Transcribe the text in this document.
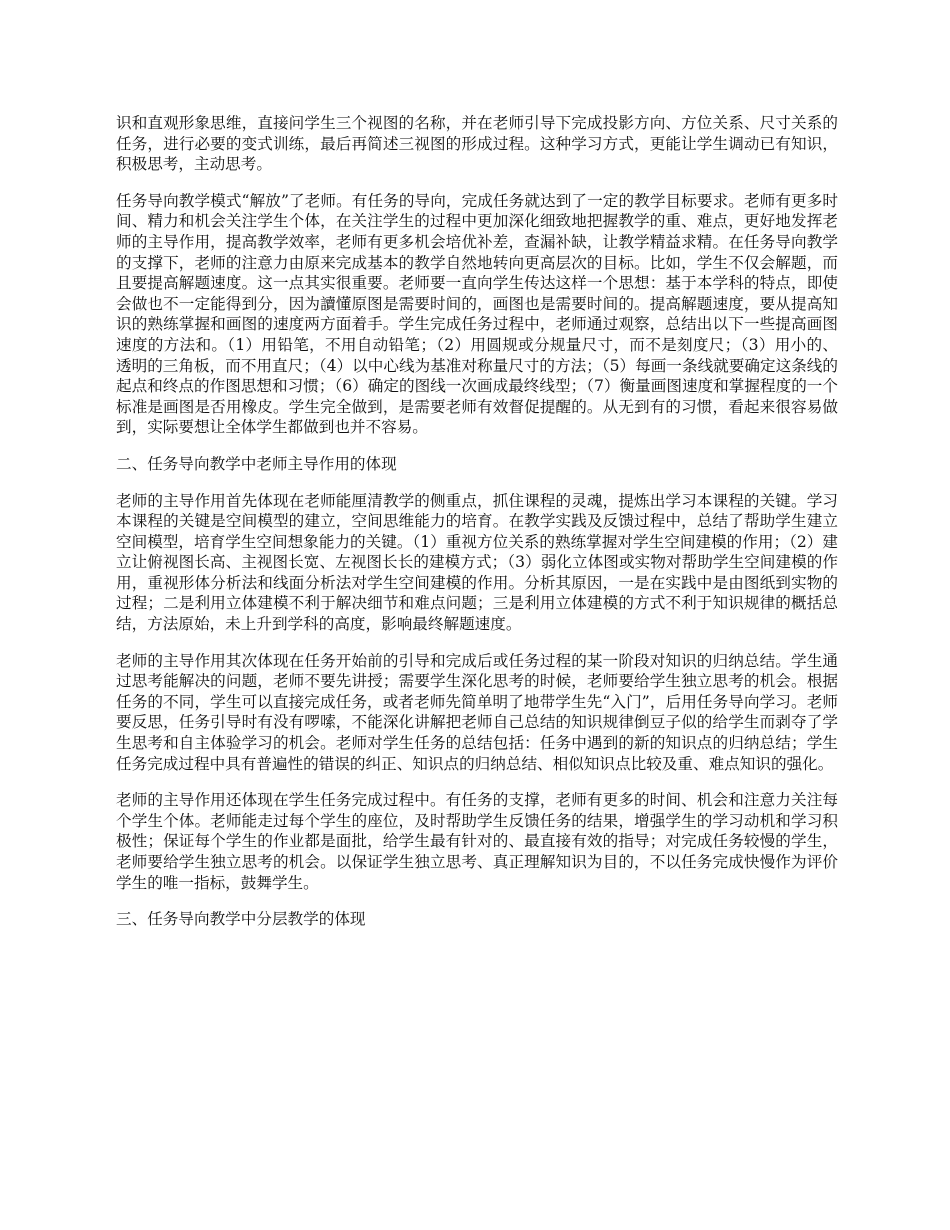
识和直观形象思维，直接问学生三个视图的名称，并在老师引导下完成投影方向、方位关系、尺寸关系的任务，进行必要的变式训练，最后再简述三视图的形成过程。这种学习方式，更能让学生调动已有知识，积极思考，主动思考。

任务导向教学模式“解放”了老师。有任务的导向，完成任务就达到了一定的教学目标要求。老师有更多时间、精力和机会关注学生个体，在关注学生的过程中更加深化细致地把握教学的重、难点，更好地发挥老师的主导作用，提高教学效率，老师有更多机会培优补差，查漏补缺，让教学精益求精。在任务导向教学的支撑下，老师的注意力由原来完成基本的教学自然地转向更高层次的目标。比如，学生不仅会解题，而且要提高解题速度。这一点其实很重要。老师要一直向学生传达这样一个思想：基于本学科的特点，即使会做也不一定能得到分，因为讀懂原图是需要时间的，画图也是需要时间的。提高解题速度，要从提高知识的熟练掌握和画图的速度两方面着手。学生完成任务过程中，老师通过观察，总结出以下一些提高画图速度的方法和。（1）用铅笔，不用自动铅笔；（2）用圆规或分规量尺寸，而不是刻度尺；（3）用小的、透明的三角板，而不用直尺；（4）以中心线为基准对称量尺寸的方法；（5）每画一条线就要确定这条线的起点和终点的作图思想和习惯；（6）确定的图线一次画成最终线型；（7）衡量画图速度和掌握程度的一个标准是画图是否用橡皮。学生完全做到，是需要老师有效督促提醒的。从无到有的习惯，看起来很容易做到，实际要想让全体学生都做到也并不容易。

二、任务导向教学中老师主导作用的体现

老师的主导作用首先体现在老师能厘清教学的侧重点，抓住课程的灵魂，提炼出学习本课程的关键。学习本课程的关键是空间模型的建立，空间思维能力的培育。在教学实践及反馈过程中，总结了帮助学生建立空间模型，培育学生空间想象能力的关键。（1）重视方位关系的熟练掌握对学生空间建模的作用；（2）建立让俯视图长高、主视图长宽、左视图长长的建模方式；（3）弱化立体图或实物对帮助学生空间建模的作用，重视形体分析法和线面分析法对学生空间建模的作用。分析其原因，一是在实践中是由图纸到实物的过程；二是利用立体建模不利于解决细节和难点问题；三是利用立体建模的方式不利于知识规律的概括总结，方法原始，未上升到学科的高度，影响最终解题速度。

老师的主导作用其次体现在任务开始前的引导和完成后或任务过程的某一阶段对知识的归纳总结。学生通过思考能解决的问题，老师不要先讲授；需要学生深化思考的时候，老师要给学生独立思考的机会。根据任务的不同，学生可以直接完成任务，或者老师先简单明了地带学生先“入门”，后用任务导向学习。老师要反思，任务引导时有没有啰嗦，不能深化讲解把老师自己总结的知识规律倒豆子似的给学生而剥夺了学生思考和自主体验学习的机会。老师对学生任务的总结包括：任务中遇到的新的知识点的归纳总结；学生任务完成过程中具有普遍性的错误的纠正、知识点的归纳总结、相似知识点比较及重、难点知识的强化。

老师的主导作用还体现在学生任务完成过程中。有任务的支撑，老师有更多的时间、机会和注意力关注每个学生个体。老师能走过每个学生的座位，及时帮助学生反馈任务的结果，增强学生的学习动机和学习积极性；保证每个学生的作业都是面批，给学生最有针对的、最直接有效的指导；对完成任务较慢的学生，老师要给学生独立思考的机会。以保证学生独立思考、真正理解知识为目的，不以任务完成快慢作为评价学生的唯一指标，鼓舞学生。

三、任务导向教学中分层教学的体现
